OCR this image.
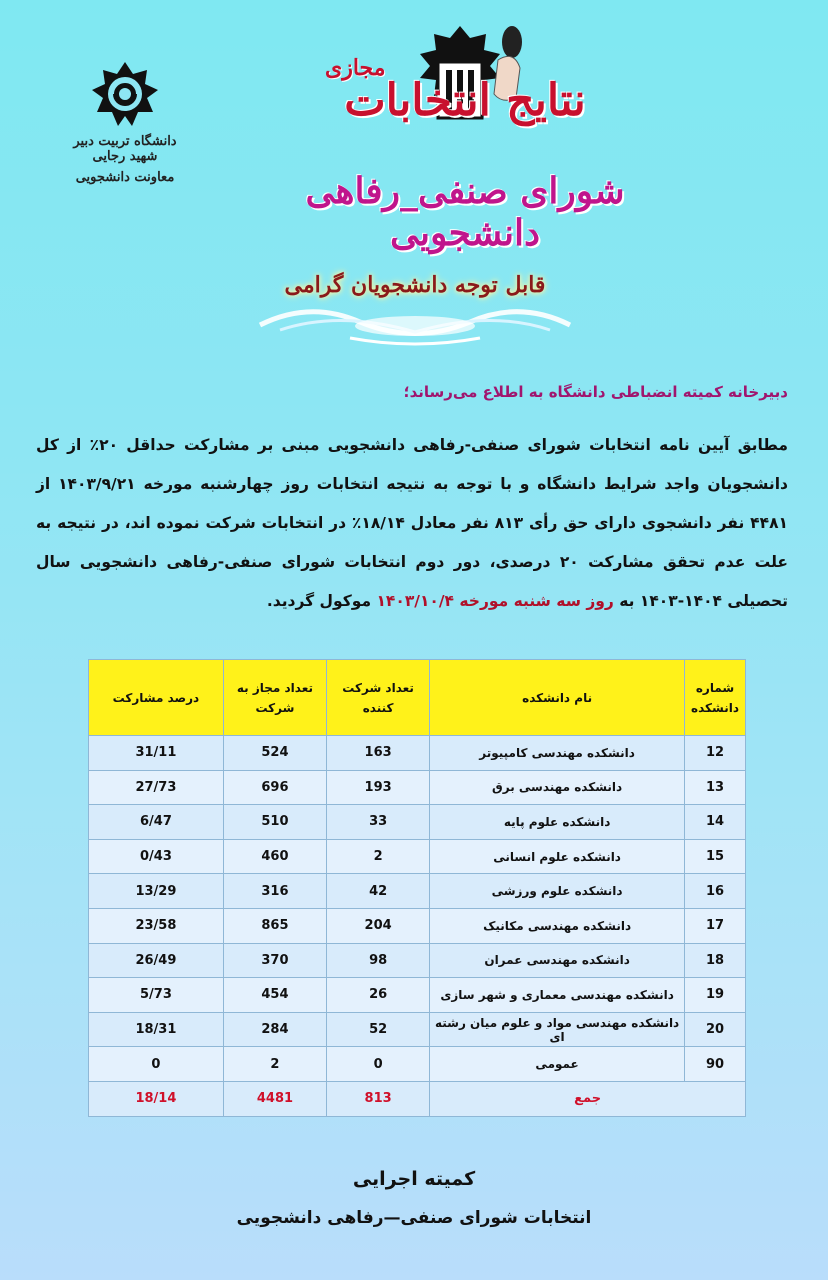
دانشگاه تربیت دبیر شهید رجایی
معاونت دانشجویی
مجازی
نتایج انتخابات
شورای صنفی_رفاهی دانشجویی
قابل توجه دانشجویان گرامی
دبیرخانه کمیته انضباطی دانشگاه به اطلاع می‌رساند؛
مطابق آیین نامه انتخابات شورای صنفی-رفاهی دانشجویی مبنی بر مشارکت حداقل ۲۰٪ از کل دانشجویان واجد شرایط دانشگاه و با توجه به نتیجه انتخابات روز چهارشنبه مورخه ۱۴۰۳/۹/۲۱ از ۴۴۸۱ نفر دانشجوی دارای حق رأی ۸۱۳ نفر معادل ۱۸/۱۴٪ در انتخابات شرکت نموده اند، در نتیجه به علت عدم تحقق مشارکت ۲۰ درصدی، دور دوم انتخابات شورای صنفی-رفاهی دانشجویی سال تحصیلی ۱۴۰۴-۱۴۰۳ به روز سه شنبه مورخه ۱۴۰۳/۱۰/۴ موکول گردید.
شماره دانشکده	نام دانشکده	تعداد شرکت کننده	تعداد مجاز به شرکت	درصد مشارکت
12	دانشکده مهندسی کامپیوتر	163	524	31/11
13	دانشکده مهندسی برق	193	696	27/73
14	دانشکده علوم پایه	33	510	6/47
15	دانشکده علوم انسانی	2	460	0/43
16	دانشکده علوم ورزشی	42	316	13/29
17	دانشکده مهندسی مکانیک	204	865	23/58
18	دانشکده مهندسی عمران	98	370	26/49
19	دانشکده مهندسی معماری و شهر سازی	26	454	5/73
20	دانشکده مهندسی مواد و علوم میان رشته ای	52	284	18/31
90	عمومی	0	2	0
جمع		813	4481	18/14
کمیته اجرایی
انتخابات شورای صنفی—رفاهی دانشجویی
